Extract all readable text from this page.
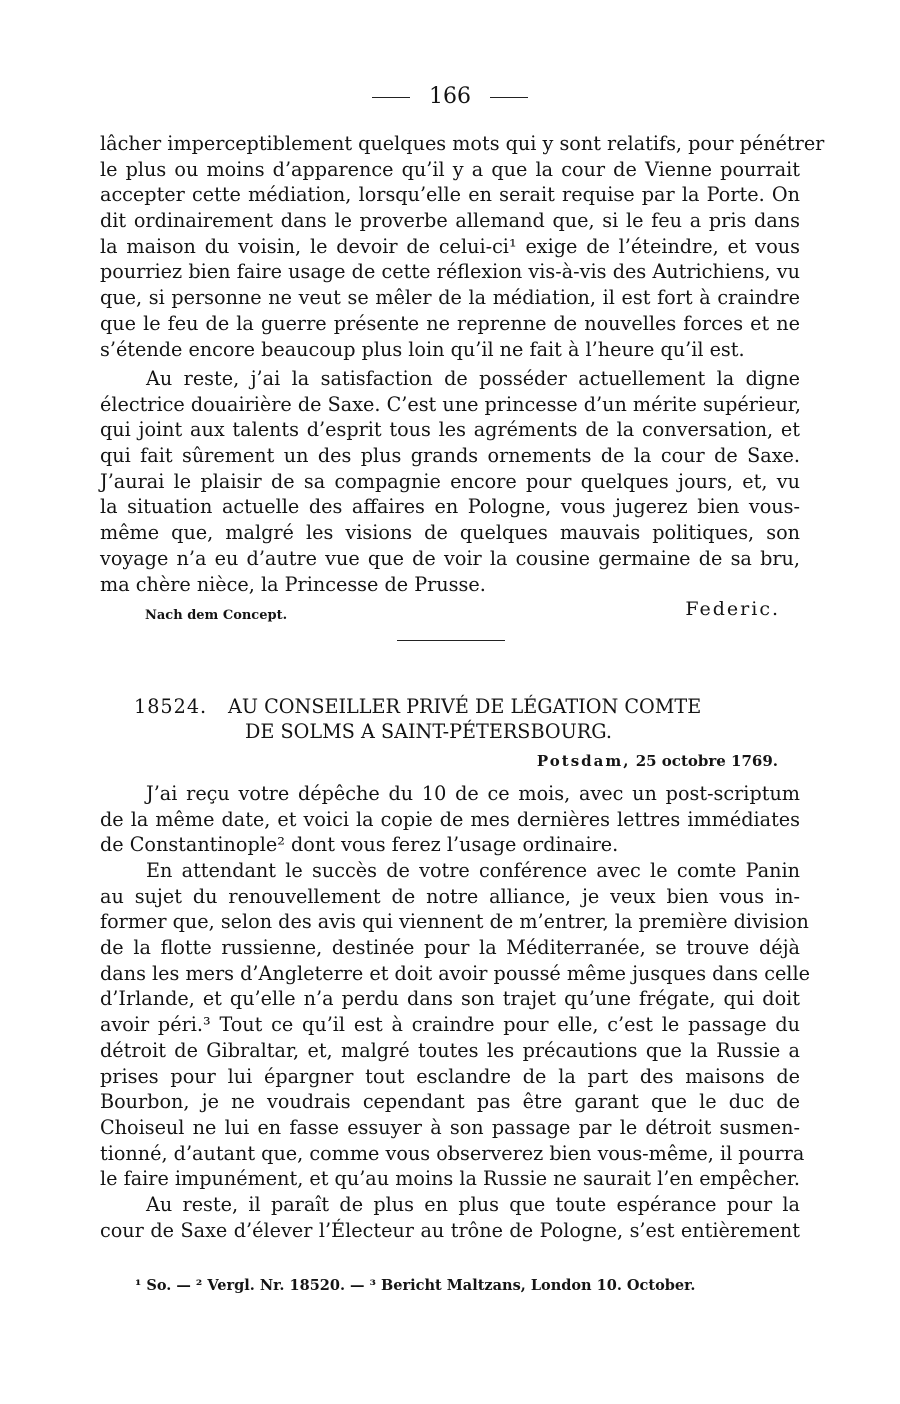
166
lâcher imperceptiblement quelques mots qui y sont relatifs, pour pénétrer
le plus ou moins d’apparence qu’il y a que la cour de Vienne pourrait
accepter cette médiation, lorsqu’elle en serait requise par la Porte. On
dit ordinairement dans le proverbe allemand que, si le feu a pris dans
la maison du voisin, le devoir de celui-ci¹ exige de l’éteindre, et vous
pourriez bien faire usage de cette réflexion vis-à-vis des Autrichiens, vu
que, si personne ne veut se mêler de la médiation, il est fort à craindre
que le feu de la guerre présente ne reprenne de nouvelles forces et ne
s’étende encore beaucoup plus loin qu’il ne fait à l’heure qu’il est.
Au reste, j’ai la satisfaction de posséder actuellement la digne
électrice douairière de Saxe. C’est une princesse d’un mérite supérieur,
qui joint aux talents d’esprit tous les agréments de la conversation, et
qui fait sûrement un des plus grands ornements de la cour de Saxe.
J’aurai le plaisir de sa compagnie encore pour quelques jours, et, vu
la situation actuelle des affaires en Pologne, vous jugerez bien vous-
même que, malgré les visions de quelques mauvais politiques, son
voyage n’a eu d’autre vue que de voir la cousine germaine de sa bru,
ma chère nièce, la Princesse de Prusse.
Nach dem Concept.	Federic.
18524. AU CONSEILLER PRIVÉ DE LÉGATION COMTE
DE SOLMS A SAINT-PÉTERSBOURG.
Potsdam, 25 octobre 1769.
J’ai reçu votre dépêche du 10 de ce mois, avec un post-scriptum
de la même date, et voici la copie de mes dernières lettres immédiates
de Constantinople² dont vous ferez l’usage ordinaire.
En attendant le succès de votre conférence avec le comte Panin
au sujet du renouvellement de notre alliance, je veux bien vous in-
former que, selon des avis qui viennent de m’entrer, la première division
de la flotte russienne, destinée pour la Méditerranée, se trouve déjà
dans les mers d’Angleterre et doit avoir poussé même jusques dans celle
d’Irlande, et qu’elle n’a perdu dans son trajet qu’une frégate, qui doit
avoir péri.³ Tout ce qu’il est à craindre pour elle, c’est le passage du
détroit de Gibraltar, et, malgré toutes les précautions que la Russie a
prises pour lui épargner tout esclandre de la part des maisons de
Bourbon, je ne voudrais cependant pas être garant que le duc de
Choiseul ne lui en fasse essuyer à son passage par le détroit susmen-
tionné, d’autant que, comme vous observerez bien vous-même, il pourra
le faire impunément, et qu’au moins la Russie ne saurait l’en empêcher.
Au reste, il paraît de plus en plus que toute espérance pour la
cour de Saxe d’élever l’Électeur au trône de Pologne, s’est entièrement
¹ So. — ² Vergl. Nr. 18520. — ³ Bericht Maltzans, London 10. October.
